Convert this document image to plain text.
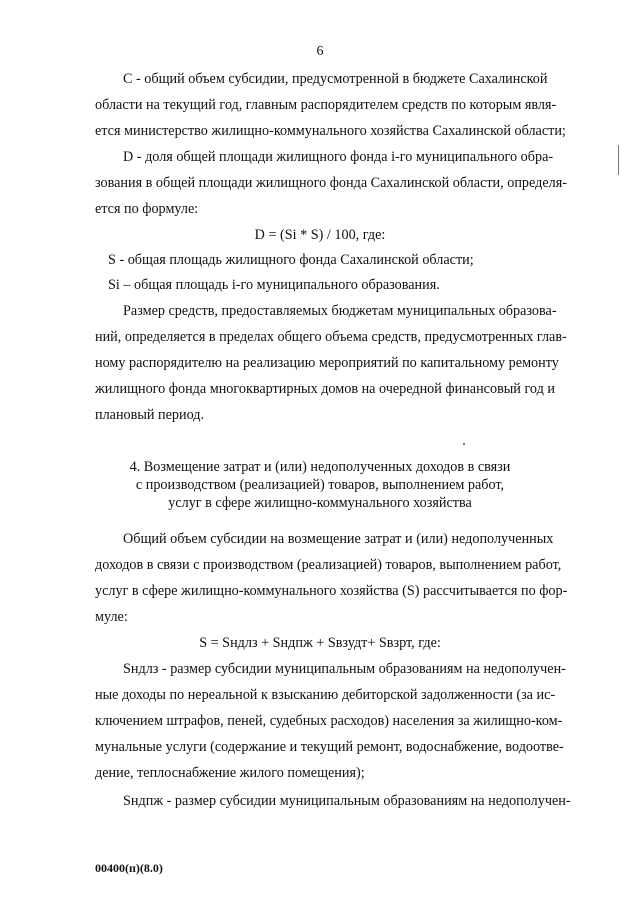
6
С - общий объем субсидии, предусмотренной в бюджете Сахалинской
области на текущий год, главным распорядителем средств по которым явля-
ется министерство жилищно-коммунального хозяйства Сахалинской области;
D - доля общей площади жилищного фонда i-го муниципального обра-
зования в общей площади жилищного фонда Сахалинской области, определя-
ется по формуле:
D = (Si * S) / 100, где:
S - общая площадь жилищного фонда Сахалинской области;
Si – общая площадь i-го муниципального образования.
Размер средств, предоставляемых бюджетам муниципальных образова-
ний, определяется в пределах общего объема средств, предусмотренных глав-
ному распорядителю на реализацию мероприятий по капитальному ремонту
жилищного фонда многоквартирных домов на очередной финансовый год и
плановый период.
4. Возмещение затрат и (или) недополученных доходов в связи
с производством (реализацией) товаров, выполнением работ,
услуг в сфере жилищно-коммунального хозяйства
Общий объем субсидии на возмещение затрат и (или) недополученных
доходов в связи с производством (реализацией) товаров, выполнением работ,
услуг в сфере жилищно-коммунального хозяйства (S) рассчитывается по фор-
муле:
S = Sндлз + Sндпж + Sвзудт+ Sвзрт, где:
Sндлз - размер субсидии муниципальным образованиям на недополучен-
ные доходы по нереальной к взысканию дебиторской задолженности (за ис-
ключением штрафов, пеней, судебных расходов) населения за жилищно-ком-
мунальные услуги (содержание и текущий ремонт, водоснабжение, водоотве-
дение, теплоснабжение жилого помещения);
Sндпж - размер субсидии муниципальным образованиям на недополучен-
00400(п)(8.0)
